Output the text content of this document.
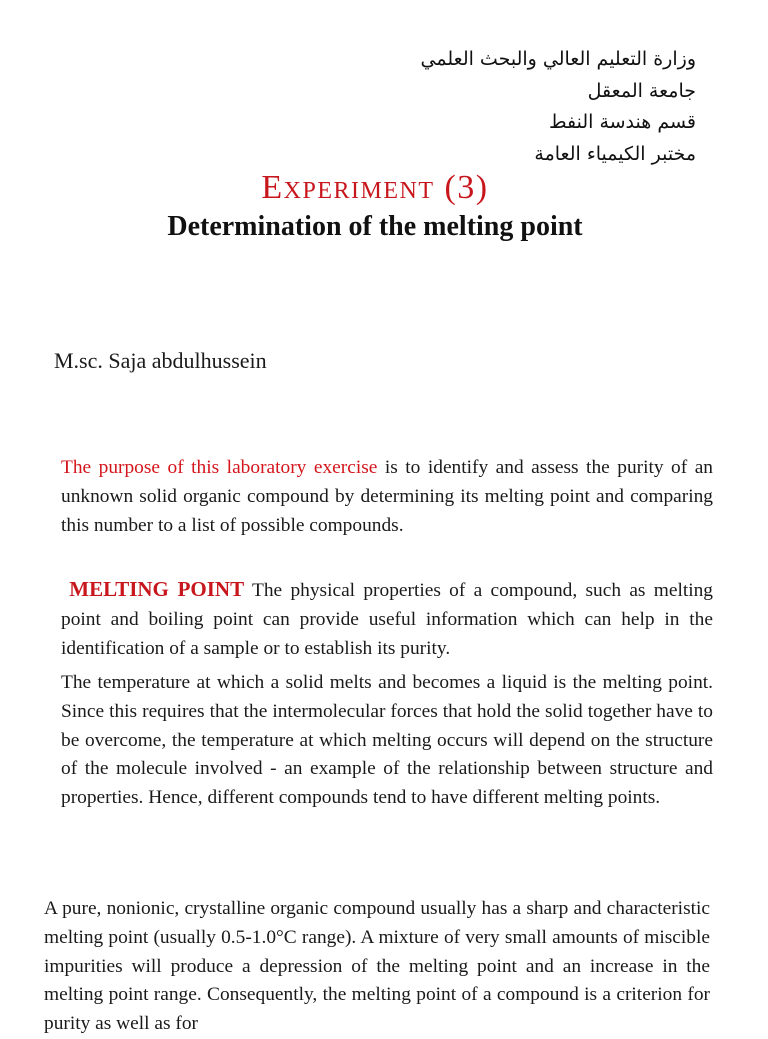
وزارة التعليم العالي والبحث العلمي
جامعة المعقل
قسم هندسة النفط
مختبر الكيمياء العامة
Experiment (3)
Determination of the melting point
M.sc. Saja abdulhussein

The purpose of this laboratory exercise is to identify and assess the purity of an unknown solid organic compound by determining its melting point and comparing this number to a list of possible compounds.

MELTING POINT The physical properties of a compound, such as melting point and boiling point can provide useful information which can help in the identification of a sample or to establish its purity.

The temperature at which a solid melts and becomes a liquid is the melting point. Since this requires that the intermolecular forces that hold the solid together have to be overcome, the temperature at which melting occurs will depend on the structure of the molecule involved - an example of the relationship between structure and properties. Hence, different compounds tend to have different melting points.

A pure, nonionic, crystalline organic compound usually has a sharp and characteristic melting point (usually 0.5-1.0°C range). A mixture of very small amounts of miscible impurities will produce a depression of the melting point and an increase in the melting point range. Consequently, the melting point of a compound is a criterion for purity as well as for
